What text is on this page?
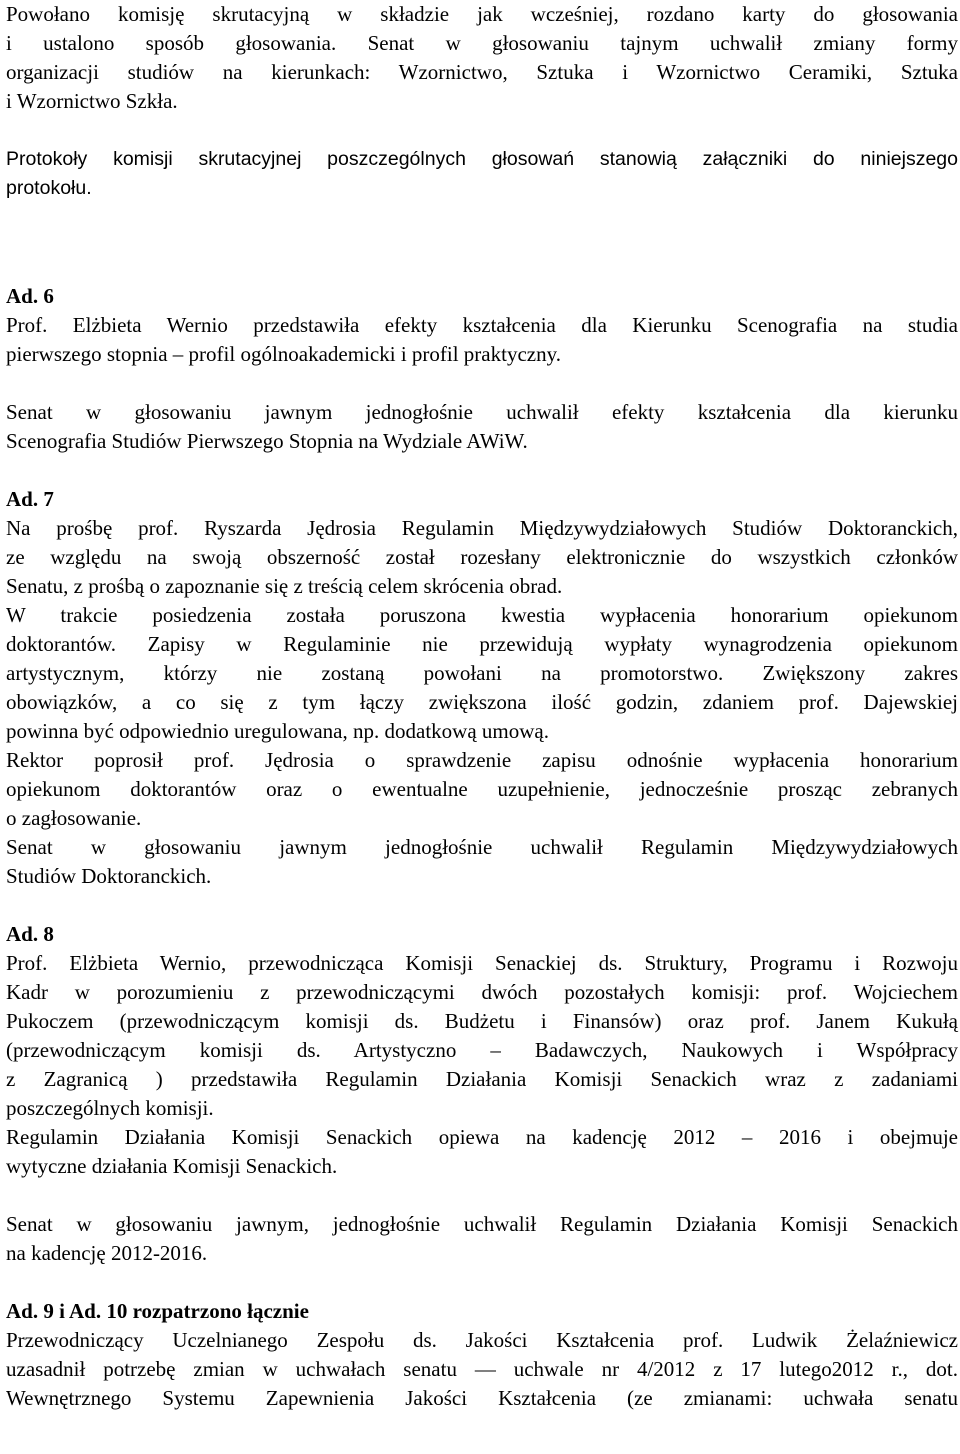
Powołano komisję skrutacyjną w składzie jak wcześniej, rozdano karty do głosowania
i ustalono sposób głosowania. Senat w głosowaniu tajnym uchwalił zmiany formy
organizacji studiów na kierunkach: Wzornictwo, Sztuka i Wzornictwo Ceramiki, Sztuka
i Wzornictwo Szkła.

Protokoły komisji skrutacyjnej poszczególnych głosowań stanowią załączniki do niniejszego
protokołu.

Ad. 6
Prof. Elżbieta Wernio przedstawiła efekty kształcenia dla Kierunku Scenografia na studia
pierwszego stopnia – profil ogólnoakademicki i profil praktyczny.

Senat w głosowaniu jawnym jednogłośnie uchwalił efekty kształcenia dla kierunku
Scenografia Studiów Pierwszego Stopnia na Wydziale AWiW.

Ad. 7
Na prośbę prof. Ryszarda Jędrosia Regulamin Międzywydziałowych Studiów Doktoranckich,
ze względu na swoją obszerność został rozesłany elektronicznie do wszystkich członków
Senatu, z prośbą o zapoznanie się z treścią celem skrócenia obrad.
W trakcie posiedzenia została poruszona kwestia wypłacenia honorarium opiekunom
doktorantów. Zapisy w Regulaminie nie przewidują wypłaty wynagrodzenia opiekunom
artystycznym, którzy nie zostaną powołani na promotorstwo. Zwiększony zakres
obowiązków, a co się z tym łączy zwiększona ilość godzin, zdaniem prof. Dajewskiej
powinna być odpowiednio uregulowana, np. dodatkową umową.
Rektor poprosił prof. Jędrosia o sprawdzenie zapisu odnośnie wypłacenia honorarium
opiekunom doktorantów oraz o ewentualne uzupełnienie, jednocześnie prosząc zebranych
o zagłosowanie.
Senat w głosowaniu jawnym jednogłośnie uchwalił Regulamin Międzywydziałowych
Studiów Doktoranckich.

Ad. 8
Prof. Elżbieta Wernio, przewodnicząca Komisji Senackiej ds. Struktury, Programu i Rozwoju
Kadr w porozumieniu z przewodniczącymi dwóch pozostałych komisji: prof. Wojciechem
Pukoczem (przewodniczącym komisji ds. Budżetu i Finansów) oraz prof. Janem Kukułą
(przewodniczącym komisji ds. Artystyczno – Badawczych, Naukowych i Współpracy
z Zagranicą ) przedstawiła Regulamin Działania Komisji Senackich wraz z zadaniami
poszczególnych komisji.
Regulamin Działania Komisji Senackich opiewa na kadencję 2012 – 2016 i obejmuje
wytyczne działania Komisji Senackich.

Senat w głosowaniu jawnym, jednogłośnie uchwalił Regulamin Działania Komisji Senackich
na kadencję 2012-2016.

Ad. 9 i Ad. 10 rozpatrzono łącznie
Przewodniczący Uczelnianego Zespołu ds. Jakości Kształcenia prof. Ludwik Żelaźniewicz
uzasadnił potrzebę zmian w uchwałach senatu — uchwale nr 4/2012 z 17 lutego2012 r., dot.
Wewnętrznego Systemu Zapewnienia Jakości Kształcenia (ze zmianami: uchwała senatu
